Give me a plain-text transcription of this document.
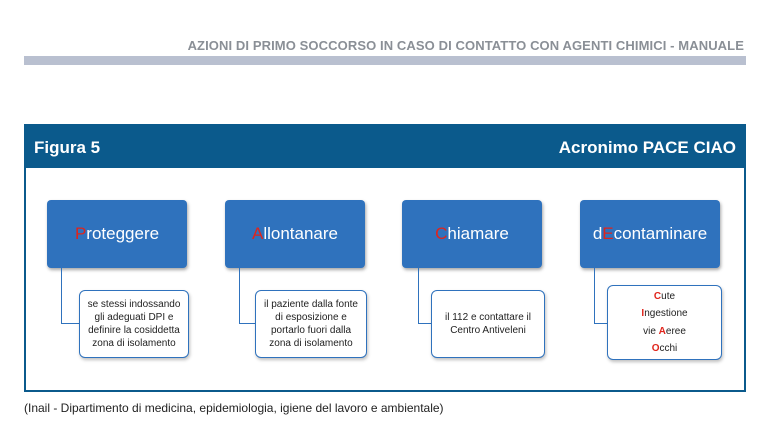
AZIONI DI PRIMO SOCCORSO IN CASO DI CONTATTO CON AGENTI CHIMICI - MANUALE
Figura 5	Acronimo PACE CIAO
Proteggere
se stessi indossando
gli adeguati DPI e
definire la cosiddetta
zona di isolamento
Allontanare
il paziente dalla fonte
di esposizione e
portarlo fuori dalla
zona di isolamento
Chiamare
il 112 e contattare il
Centro Antiveleni
dEcontaminare
Cute
Ingestione
vie Aeree
Occhi
(Inail - Dipartimento di medicina, epidemiologia, igiene del lavoro e ambientale)
